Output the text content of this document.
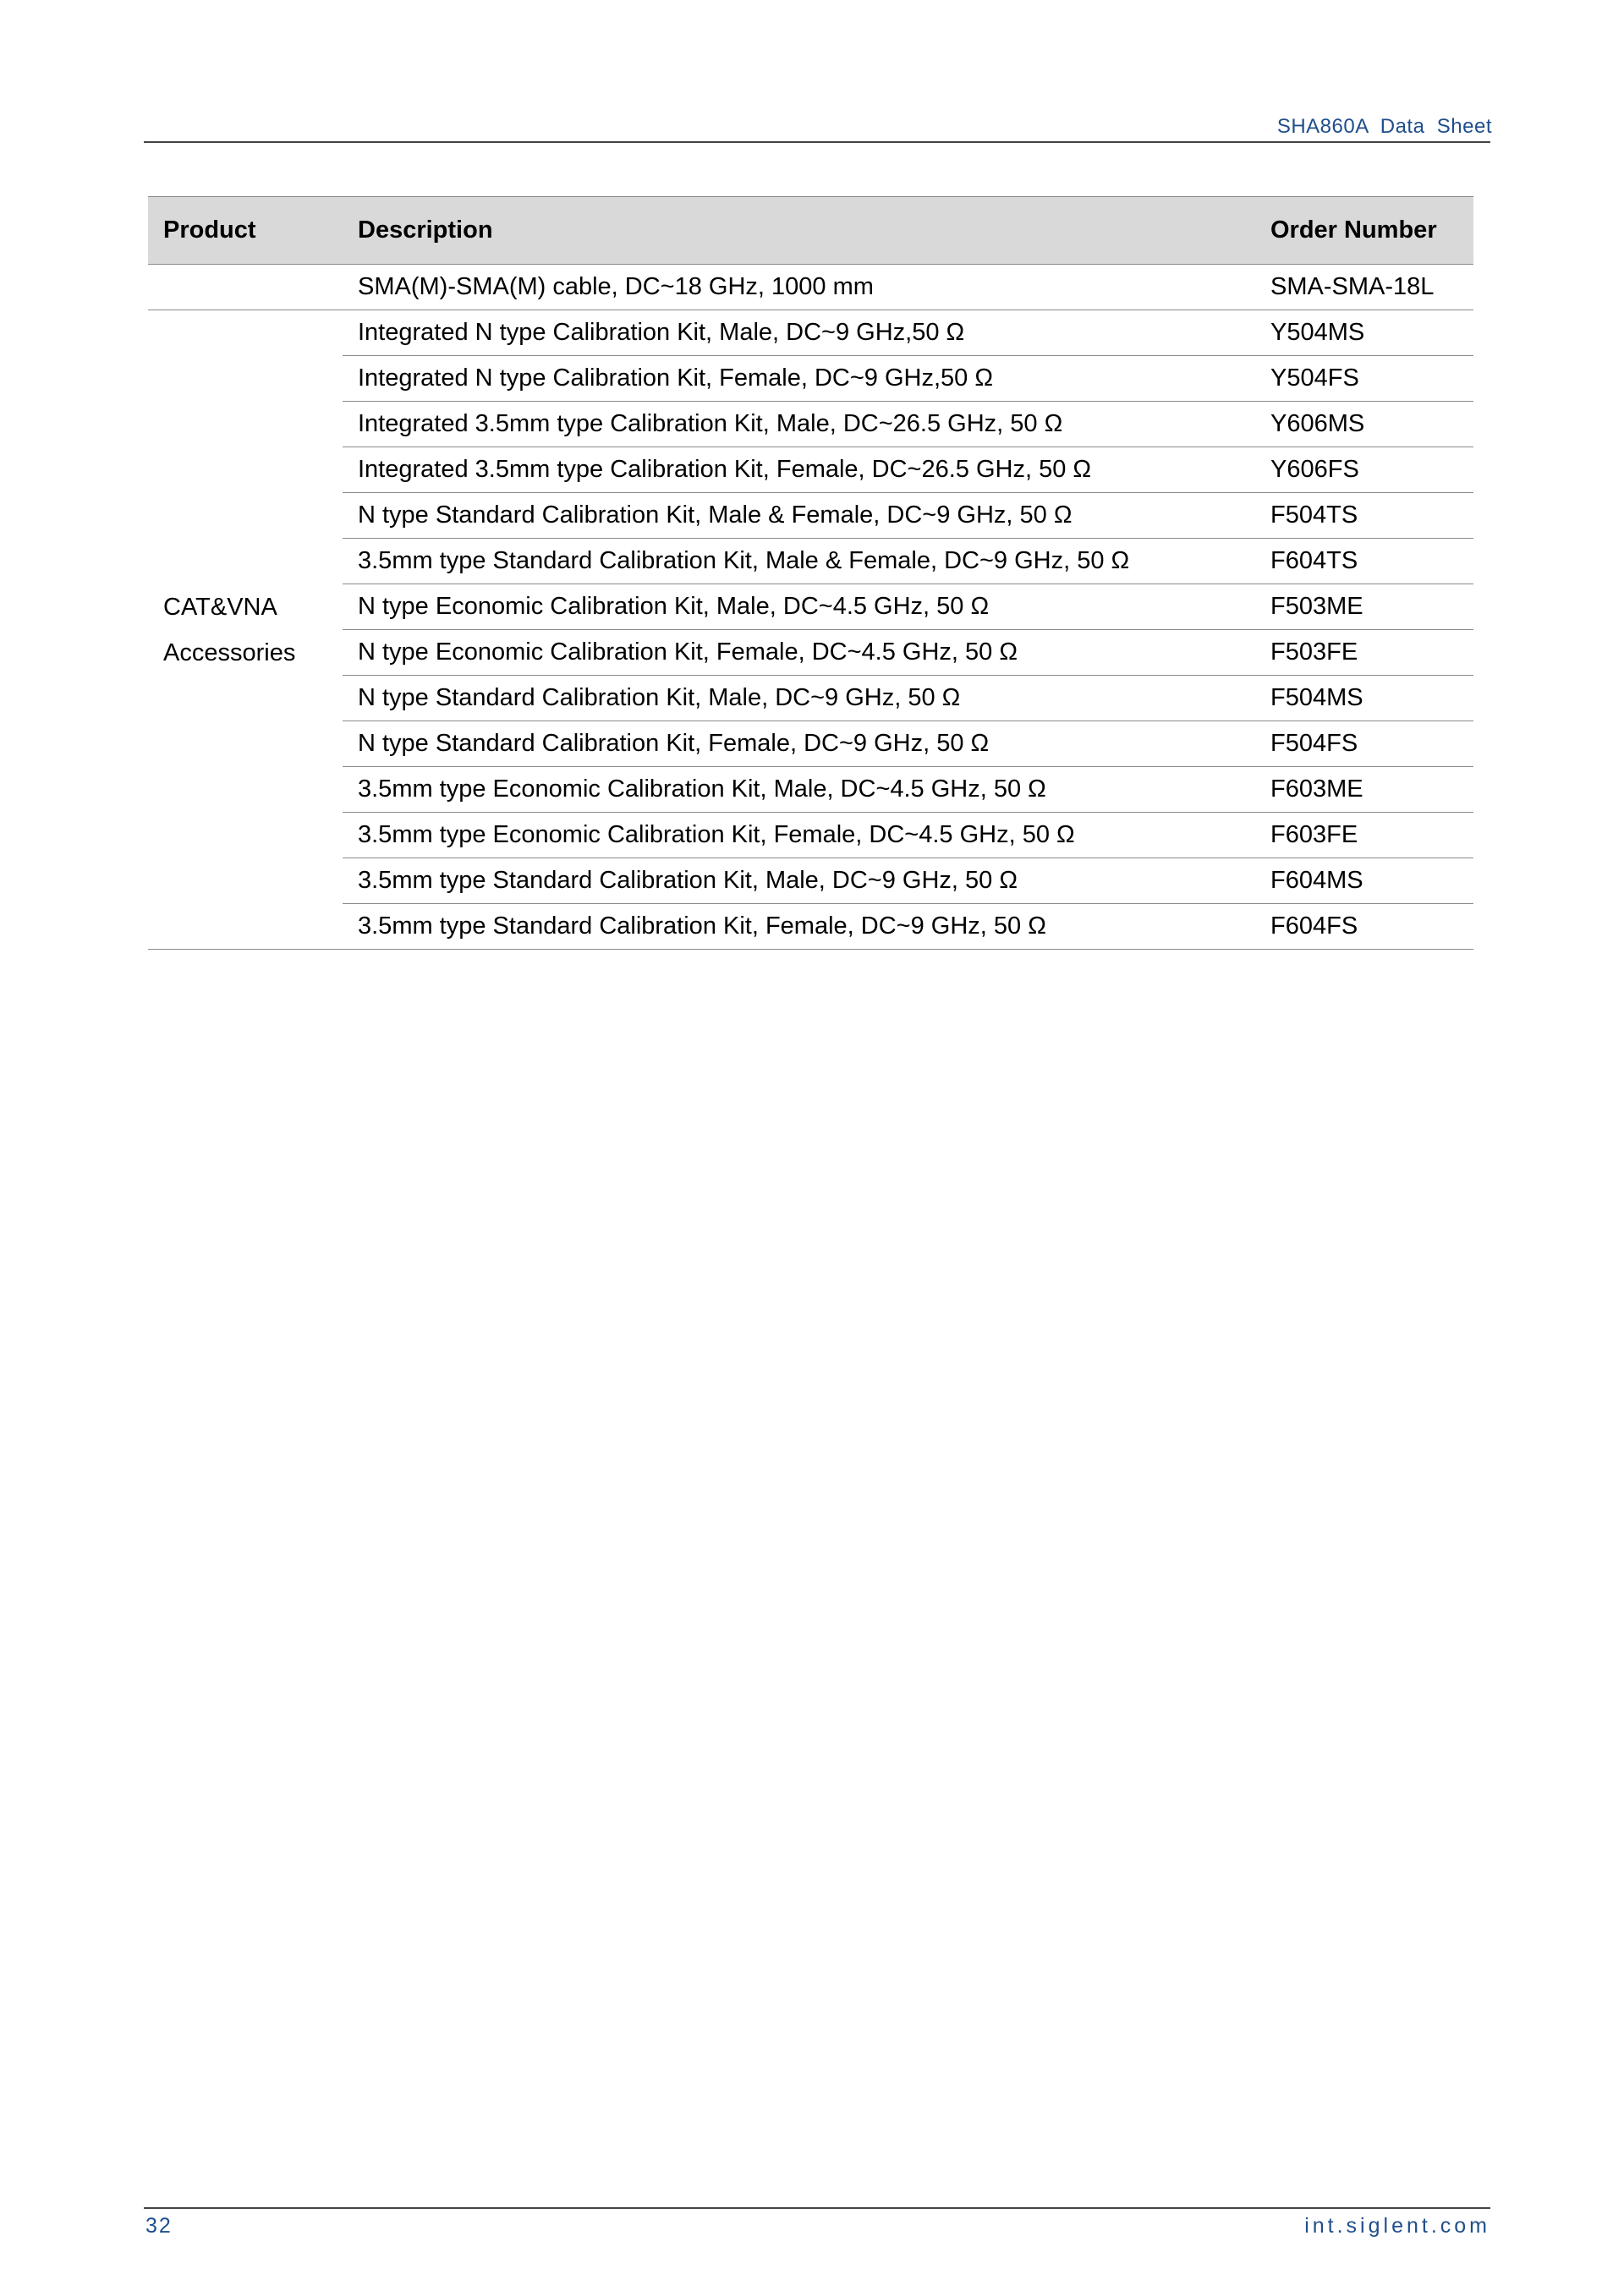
SHA860A  Data  Sheet
Product	Description	Order Number
	SMA(M)-SMA(M) cable, DC~18 GHz, 1000 mm	SMA-SMA-18L

CAT&VNA
Accessories	Integrated N type Calibration Kit, Male, DC~9 GHz,50 Ω	Y504MS
	Integrated N type Calibration Kit, Female, DC~9 GHz,50 Ω	Y504FS
	Integrated 3.5mm type Calibration Kit, Male, DC~26.5 GHz, 50 Ω	Y606MS
	Integrated 3.5mm type Calibration Kit, Female, DC~26.5 GHz, 50 Ω	Y606FS
	N type Standard Calibration Kit, Male & Female, DC~9 GHz, 50 Ω	F504TS
	3.5mm type Standard Calibration Kit, Male & Female, DC~9 GHz, 50 Ω	F604TS
	N type Economic Calibration Kit, Male, DC~4.5 GHz, 50 Ω	F503ME
	N type Economic Calibration Kit, Female, DC~4.5 GHz, 50 Ω	F503FE
	N type Standard Calibration Kit, Male, DC~9 GHz, 50 Ω	F504MS
	N type Standard Calibration Kit, Female, DC~9 GHz, 50 Ω	F504FS
	3.5mm type Economic Calibration Kit, Male, DC~4.5 GHz, 50 Ω	F603ME
	3.5mm type Economic Calibration Kit, Female, DC~4.5 GHz, 50 Ω	F603FE
	3.5mm type Standard Calibration Kit, Male, DC~9 GHz, 50 Ω	F604MS
	3.5mm type Standard Calibration Kit, Female, DC~9 GHz, 50 Ω	F604FS
32	int.siglent.com
